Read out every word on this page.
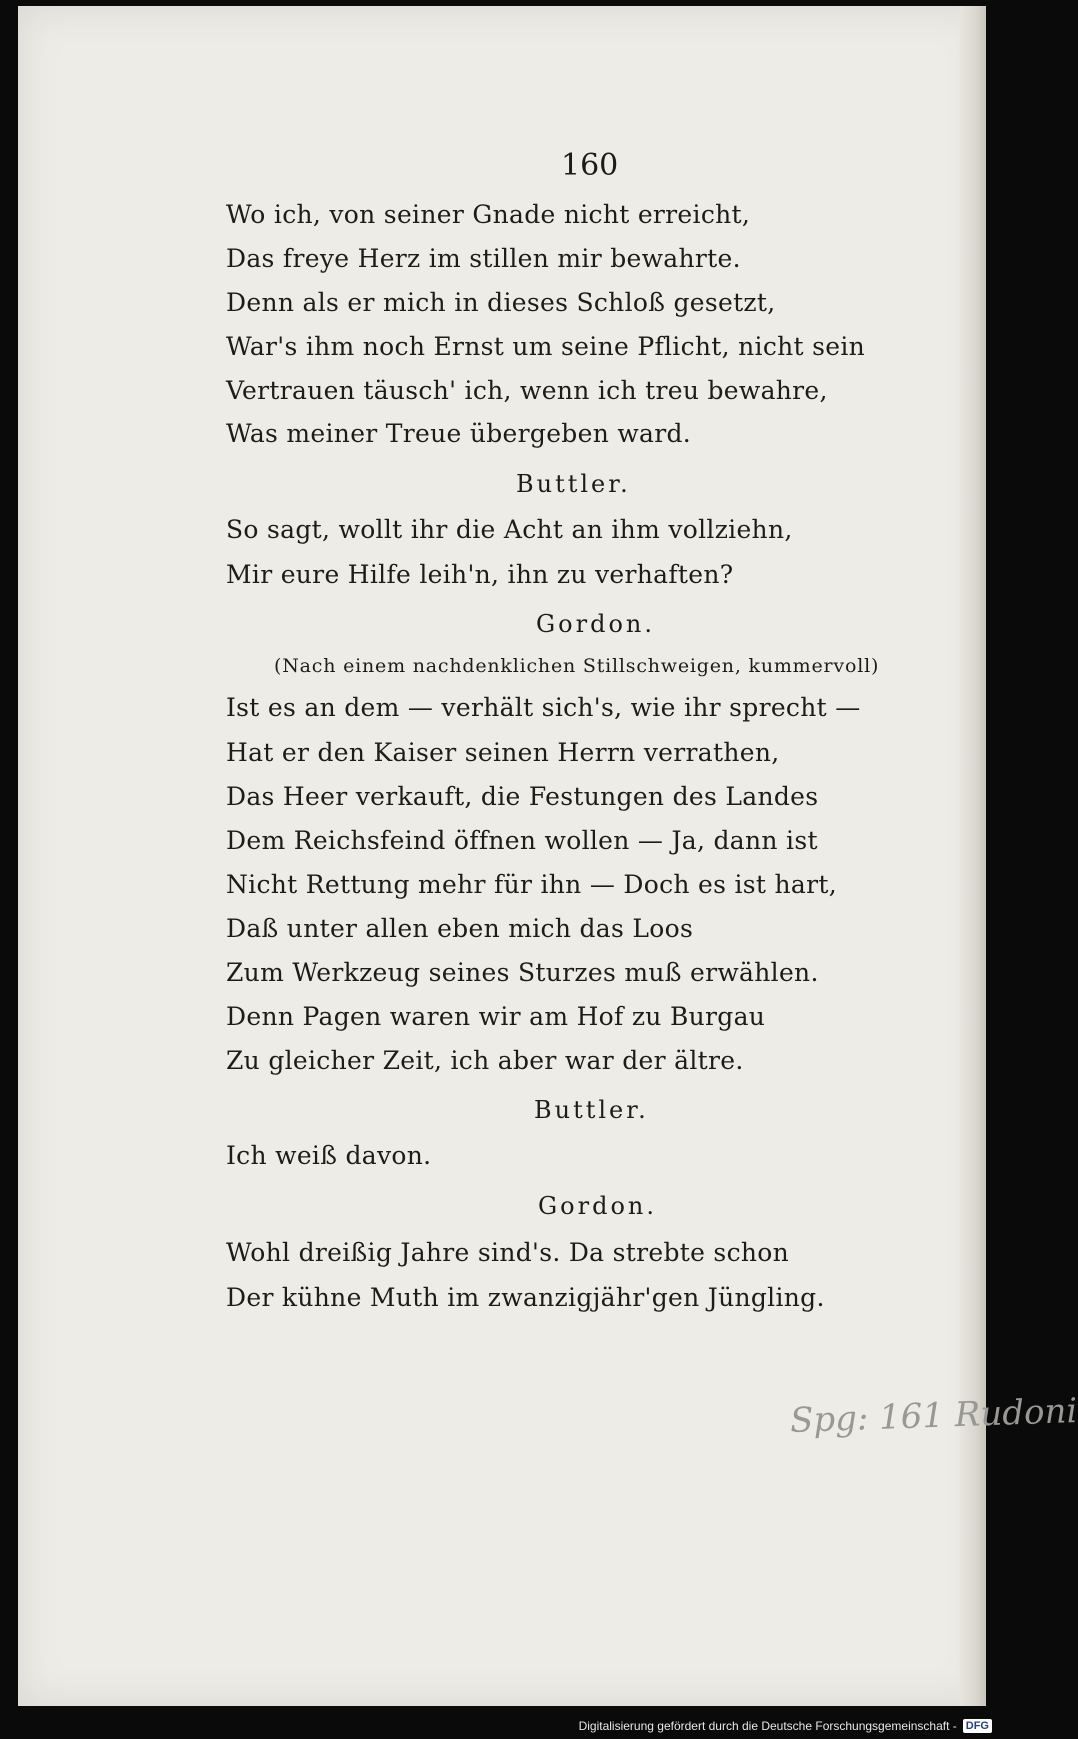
160
Wo ich, von seiner Gnade nicht erreicht,
Das freye Herz im stillen mir bewahrte.
Denn als er mich in dieses Schloß gesetzt,
War's ihm noch Ernst um seine Pflicht, nicht sein
Vertrauen täusch' ich, wenn ich treu bewahre,
Was meiner Treue übergeben ward.
Buttler.
So sagt, wollt ihr die Acht an ihm vollziehn,
Mir eure Hilfe leih'n, ihn zu verhaften?
Gordon.
(Nach einem nachdenklichen Stillschweigen, kummervoll)
Ist es an dem — verhält sich's, wie ihr sprecht —
Hat er den Kaiser seinen Herrn verrathen,
Das Heer verkauft, die Festungen des Landes
Dem Reichsfeind öffnen wollen — Ja, dann ist
Nicht Rettung mehr für ihn — Doch es ist hart,
Daß unter allen eben mich das Loos
Zum Werkzeug seines Sturzes muß erwählen.
Denn Pagen waren wir am Hof zu Burgau
Zu gleicher Zeit, ich aber war der ältre.
Buttler.
Ich weiß davon.
Gordon.
Wohl dreißig Jahre sind's. Da strebte schon
Der kühne Muth im zwanzigjähr'gen Jüngling.
Spg: 161 Rudoni
Digitalisierung gefördert durch die Deutsche Forschungsgemeinschaft - DFG
